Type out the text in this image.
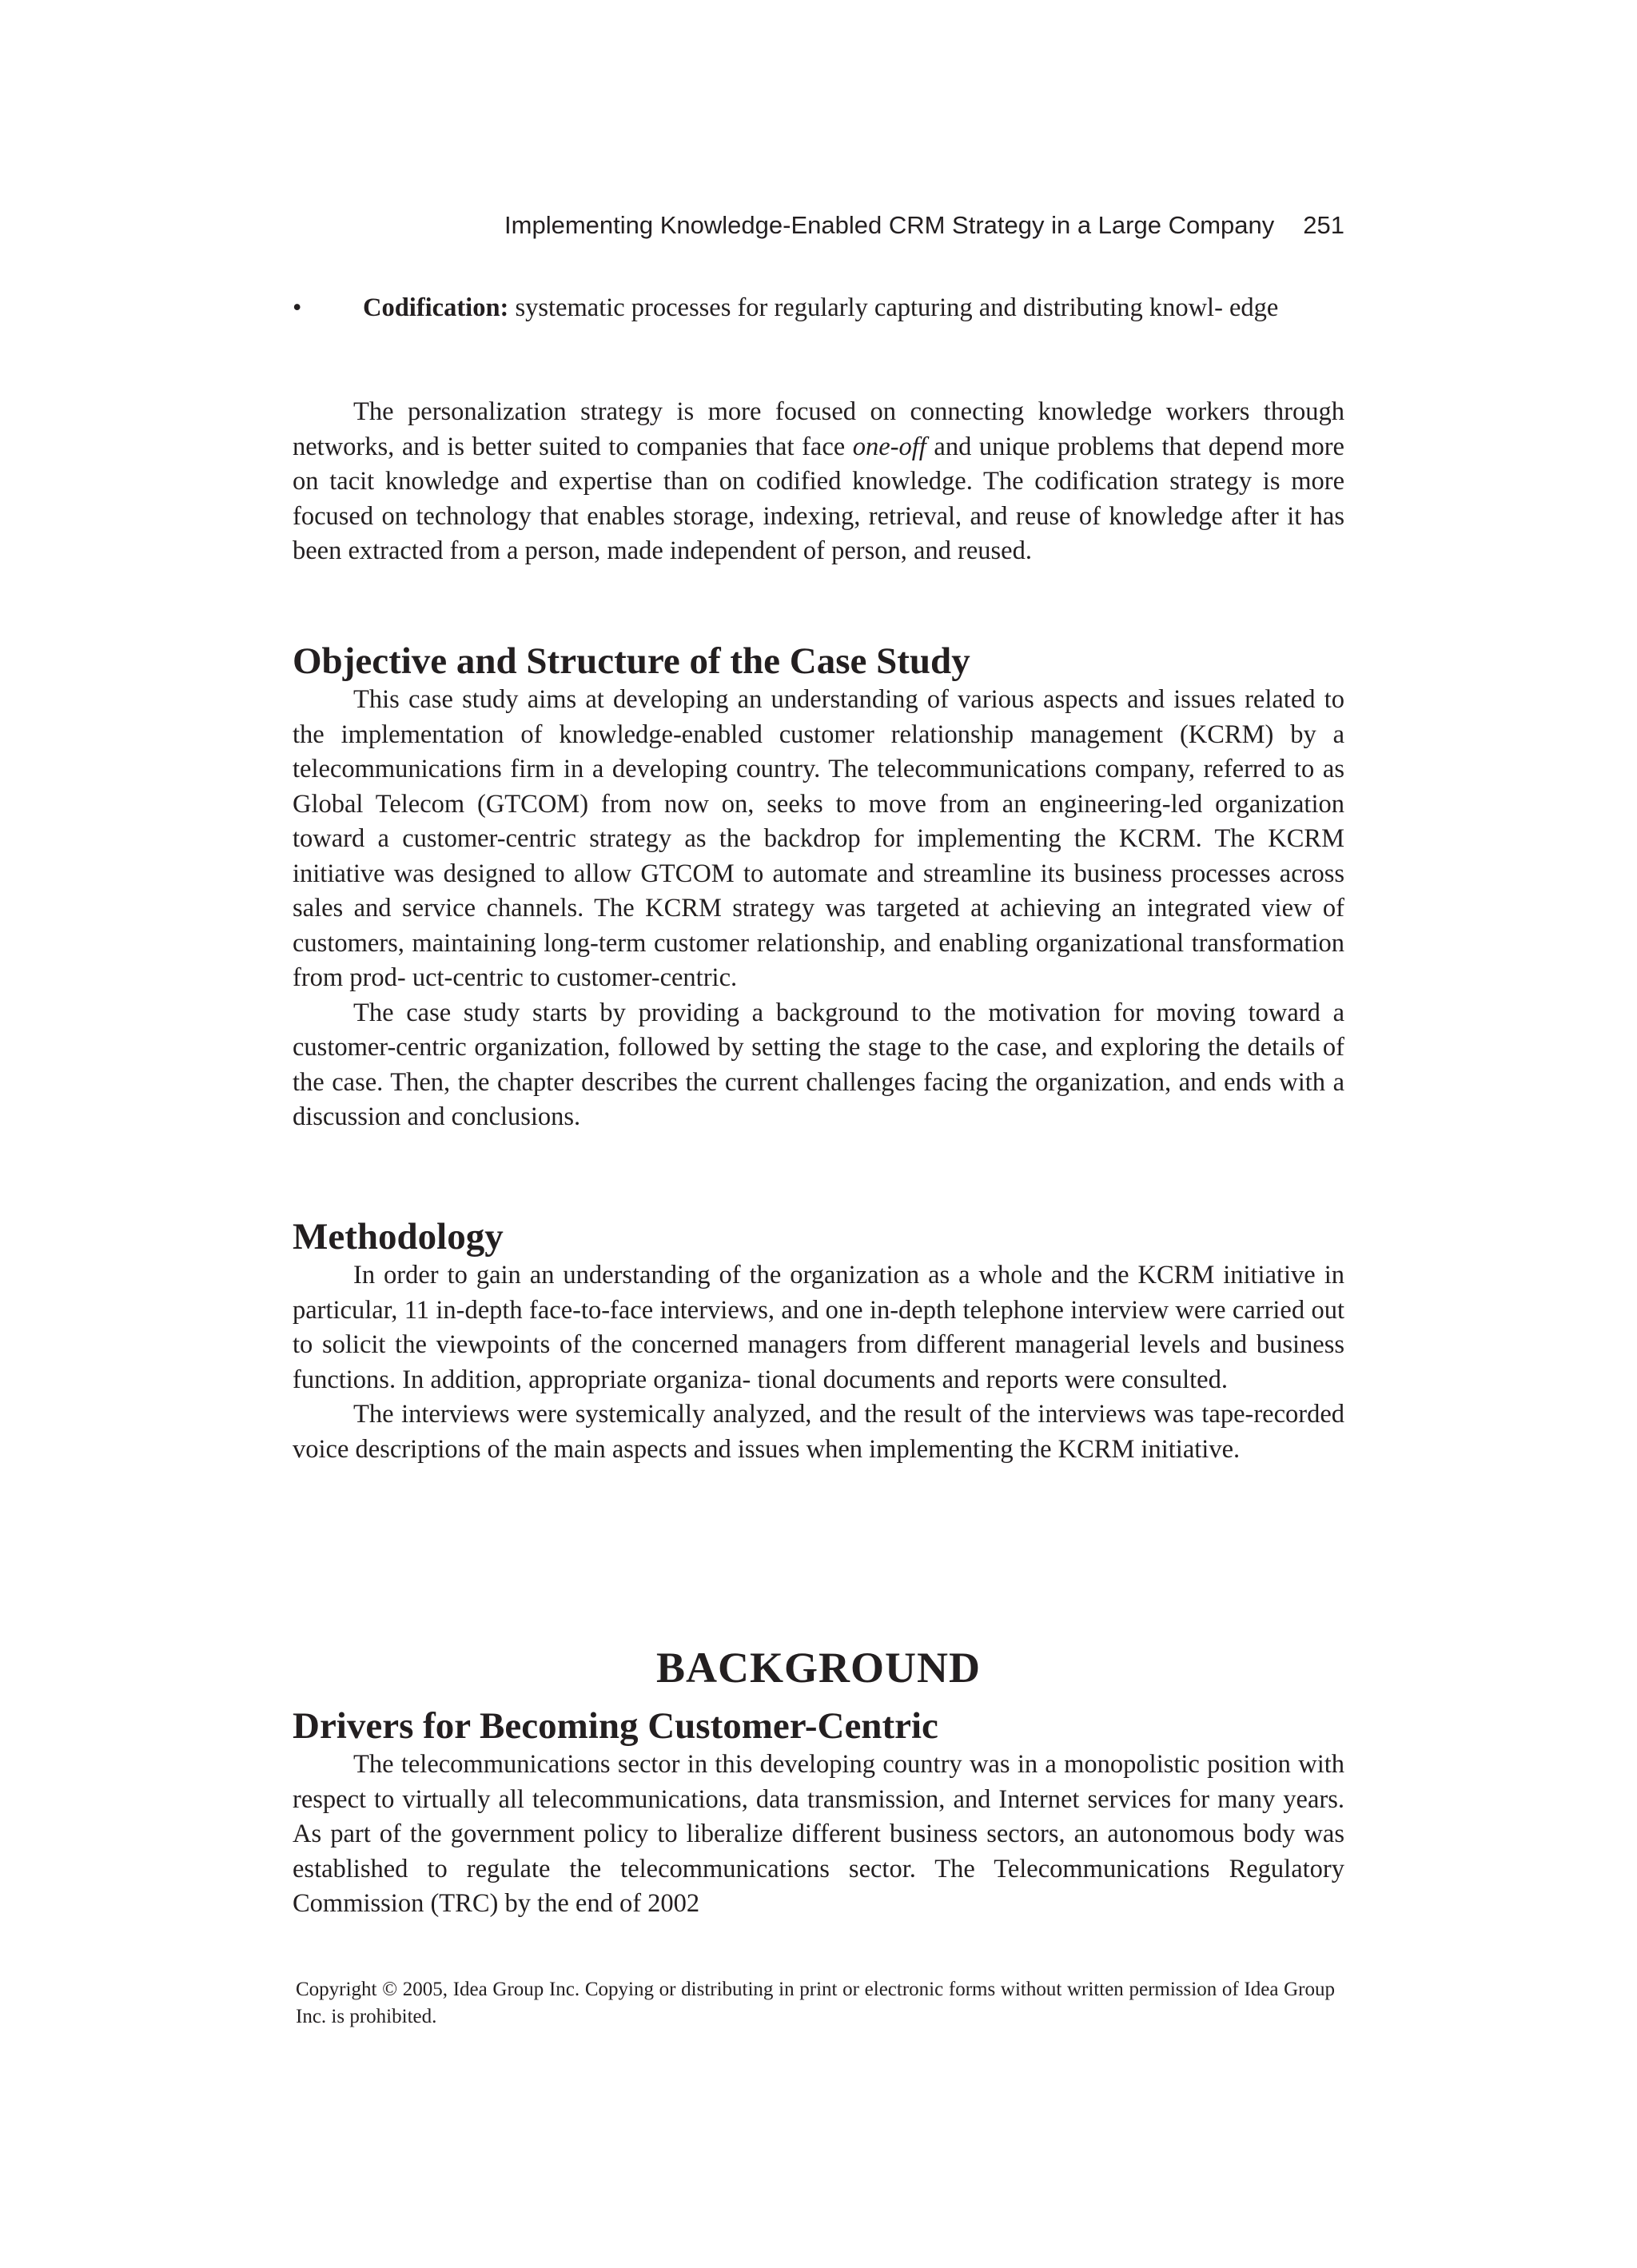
Implementing Knowledge-Enabled CRM Strategy in a Large Company 251
• Codification: systematic processes for regularly capturing and distributing knowl- edge

The personalization strategy is more focused on connecting knowledge workers through networks, and is better suited to companies that face one-off and unique problems that depend more on tacit knowledge and expertise than on codified knowledge. The codification strategy is more focused on technology that enables storage, indexing, retrieval, and reuse of knowledge after it has been extracted from a person, made independent of person, and reused.

Objective and Structure of the Case Study

This case study aims at developing an understanding of various aspects and issues related to the implementation of knowledge-enabled customer relationship management (KCRM) by a telecommunications firm in a developing country. The telecommunications company, referred to as Global Telecom (GTCOM) from now on, seeks to move from an engineering-led organization toward a customer-centric strategy as the backdrop for implementing the KCRM. The KCRM initiative was designed to allow GTCOM to automate and streamline its business processes across sales and service channels. The KCRM strategy was targeted at achieving an integrated view of customers, maintaining long-term customer relationship, and enabling organizational transformation from prod- uct-centric to customer-centric.

The case study starts by providing a background to the motivation for moving toward a customer-centric organization, followed by setting the stage to the case, and exploring the details of the case. Then, the chapter describes the current challenges facing the organization, and ends with a discussion and conclusions.

Methodology

In order to gain an understanding of the organization as a whole and the KCRM initiative in particular, 11 in-depth face-to-face interviews, and one in-depth telephone interview were carried out to solicit the viewpoints of the concerned managers from different managerial levels and business functions. In addition, appropriate organiza- tional documents and reports were consulted.

The interviews were systemically analyzed, and the result of the interviews was tape-recorded voice descriptions of the main aspects and issues when implementing the KCRM initiative.

BACKGROUND
Drivers for Becoming Customer-Centric

The telecommunications sector in this developing country was in a monopolistic position with respect to virtually all telecommunications, data transmission, and Internet services for many years. As part of the government policy to liberalize different business sectors, an autonomous body was established to regulate the telecommunications sector. The Telecommunications Regulatory Commission (TRC) by the end of 2002

Copyright © 2005, Idea Group Inc. Copying or distributing in print or electronic forms without written permission of Idea Group Inc. is prohibited.
